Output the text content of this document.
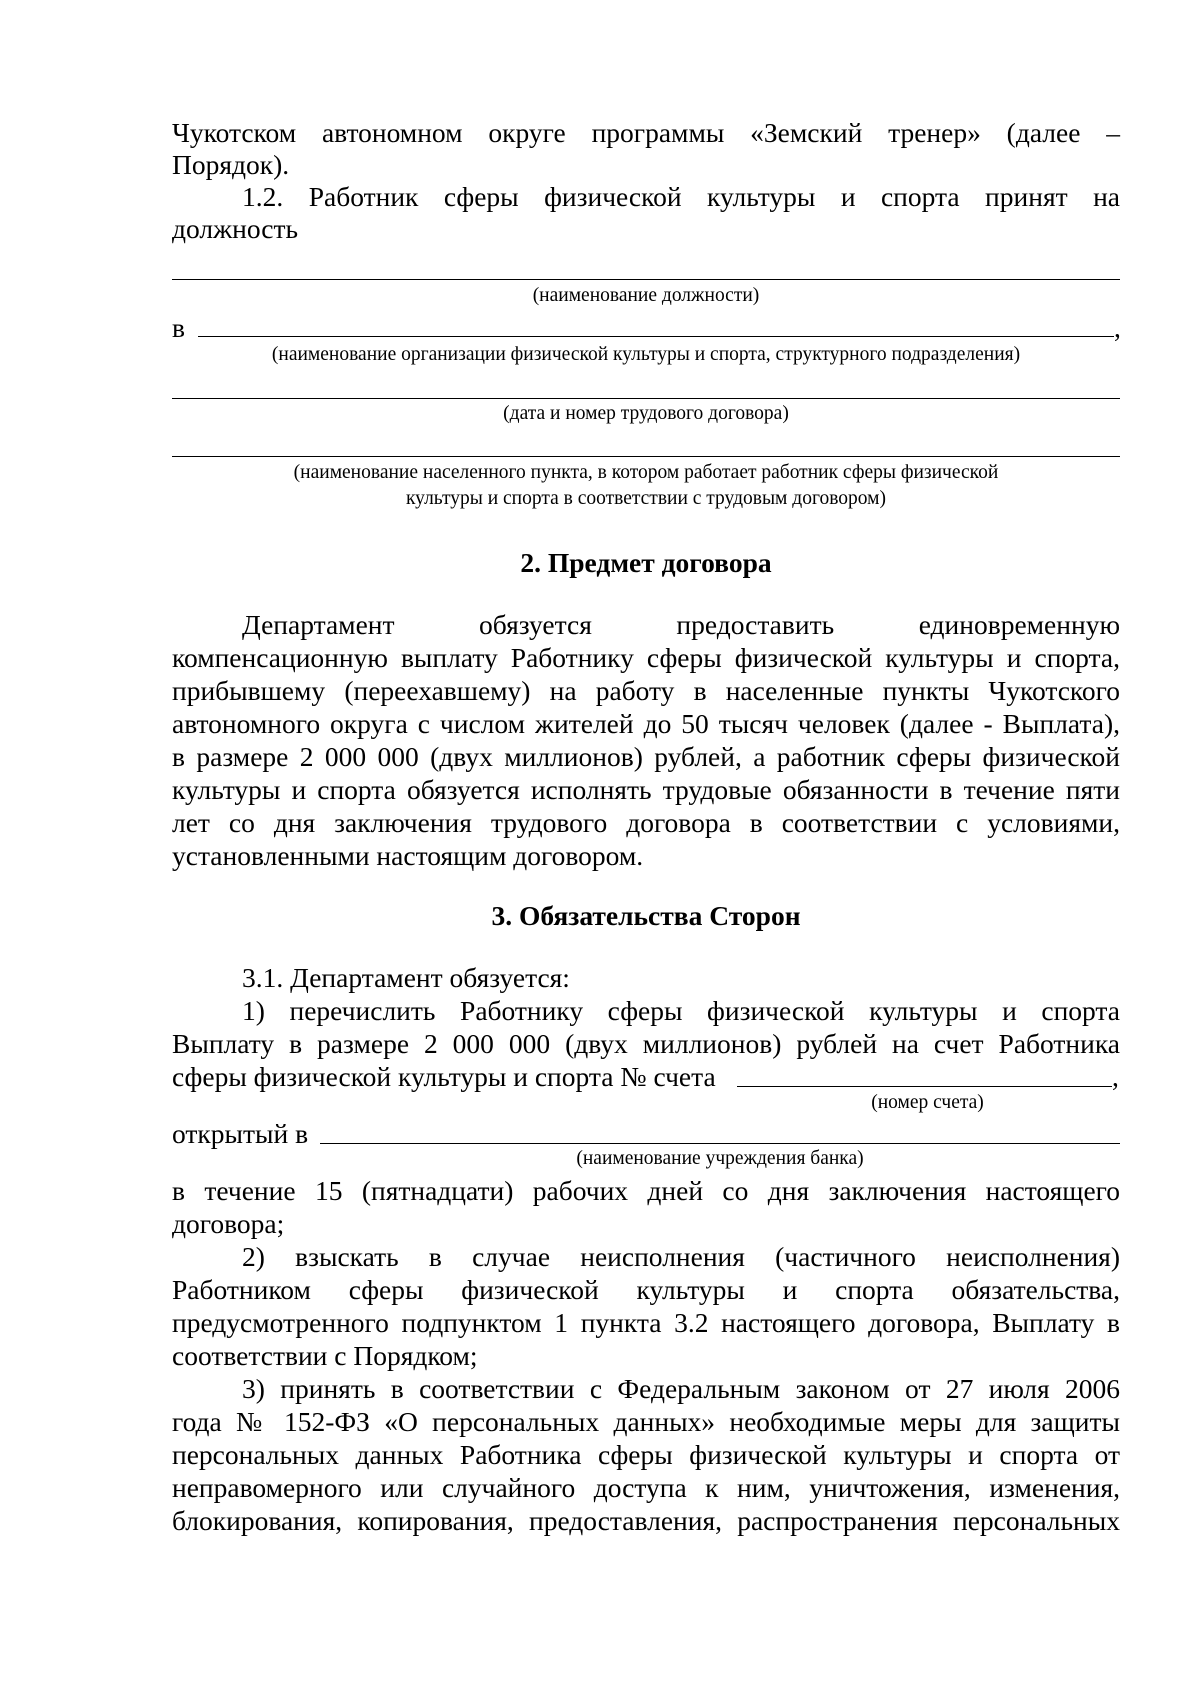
Чукотском автономном округе программы «Земский тренер» (далее –
Порядок).
1.2. Работник сферы физической культуры и спорта принят на
должность
(наименование должности)
в	,
(наименование организации физической культуры и спорта, структурного подразделения)
(дата и номер трудового договора)
(наименование населенного пункта, в котором работает работник сферы физической
культуры и спорта в соответствии с трудовым договором)
2. Предмет договора
Департамент обязуется предоставить единовременную
компенсационную выплату Работнику сферы физической культуры и спорта,
прибывшему (переехавшему) на работу в населенные пункты Чукотского
автономного округа с числом жителей до 50 тысяч человек (далее - Выплата),
в размере 2 000 000 (двух миллионов) рублей, а работник сферы физической
культуры и спорта обязуется исполнять трудовые обязанности в течение пяти
лет со дня заключения трудового договора в соответствии с условиями,
установленными настоящим договором.
3. Обязательства Сторон
3.1. Департамент обязуется:
1) перечислить Работнику сферы физической культуры и спорта
Выплату в размере 2 000 000 (двух миллионов) рублей на счет Работника
сферы физической культуры и спорта № счета	,
(номер счета)
открытый в
(наименование учреждения банка)
в течение 15 (пятнадцати) рабочих дней со дня заключения настоящего
договора;
2) взыскать в случае неисполнения (частичного неисполнения)
Работником сферы физической культуры и спорта обязательства,
предусмотренного подпунктом 1 пункта 3.2 настоящего договора, Выплату в
соответствии с Порядком;
3) принять в соответствии с Федеральным законом от 27 июля 2006
года № 152-ФЗ «О персональных данных» необходимые меры для защиты
персональных данных Работника сферы физической культуры и спорта от
неправомерного или случайного доступа к ним, уничтожения, изменения,
блокирования, копирования, предоставления, распространения персональных
